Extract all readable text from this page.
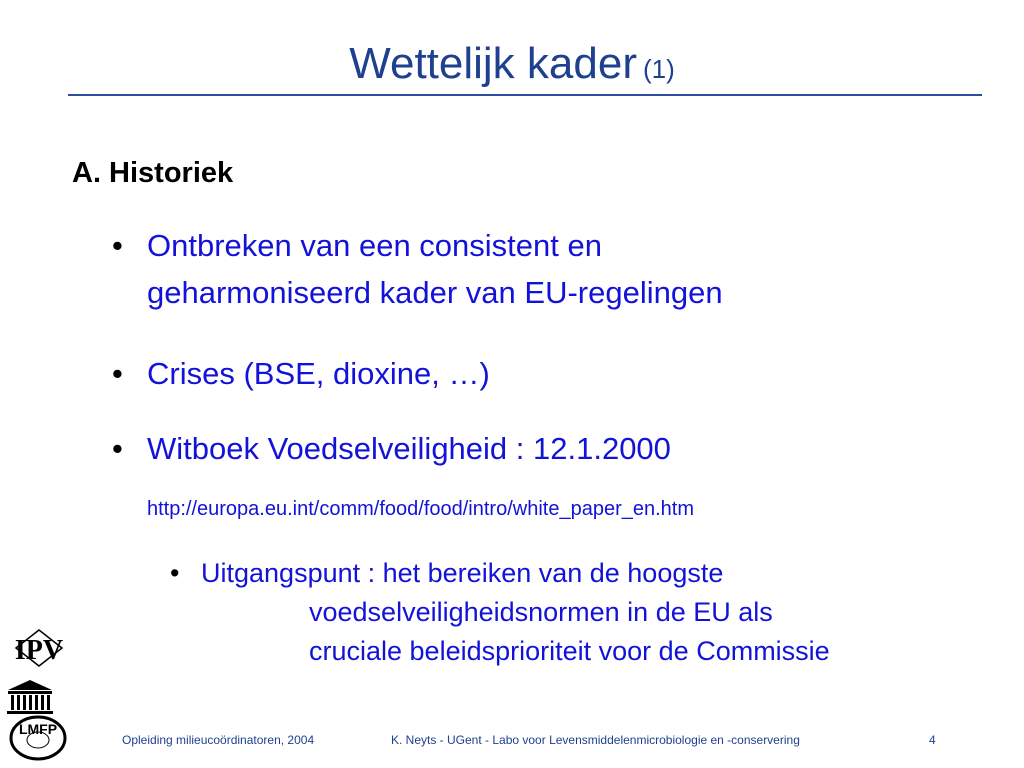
Wettelijk kader (1)
A. Historiek
• Ontbreken van een consistent en
geharmoniseerd kader van EU-regelingen
• Crises (BSE, dioxine, …)
• Witboek Voedselveiligheid : 12.1.2000
http://europa.eu.int/comm/food/food/intro/white_paper_en.htm
• Uitgangspunt : het bereiken van de hoogste
voedselveiligheidsnormen in de EU als
cruciale beleidsprioriteit voor de Commissie
IPV
LMFP
Opleiding milieucoördinatoren, 2004	K. Neyts - UGent - Labo voor Levensmiddelenmicrobiologie en -conservering	4
